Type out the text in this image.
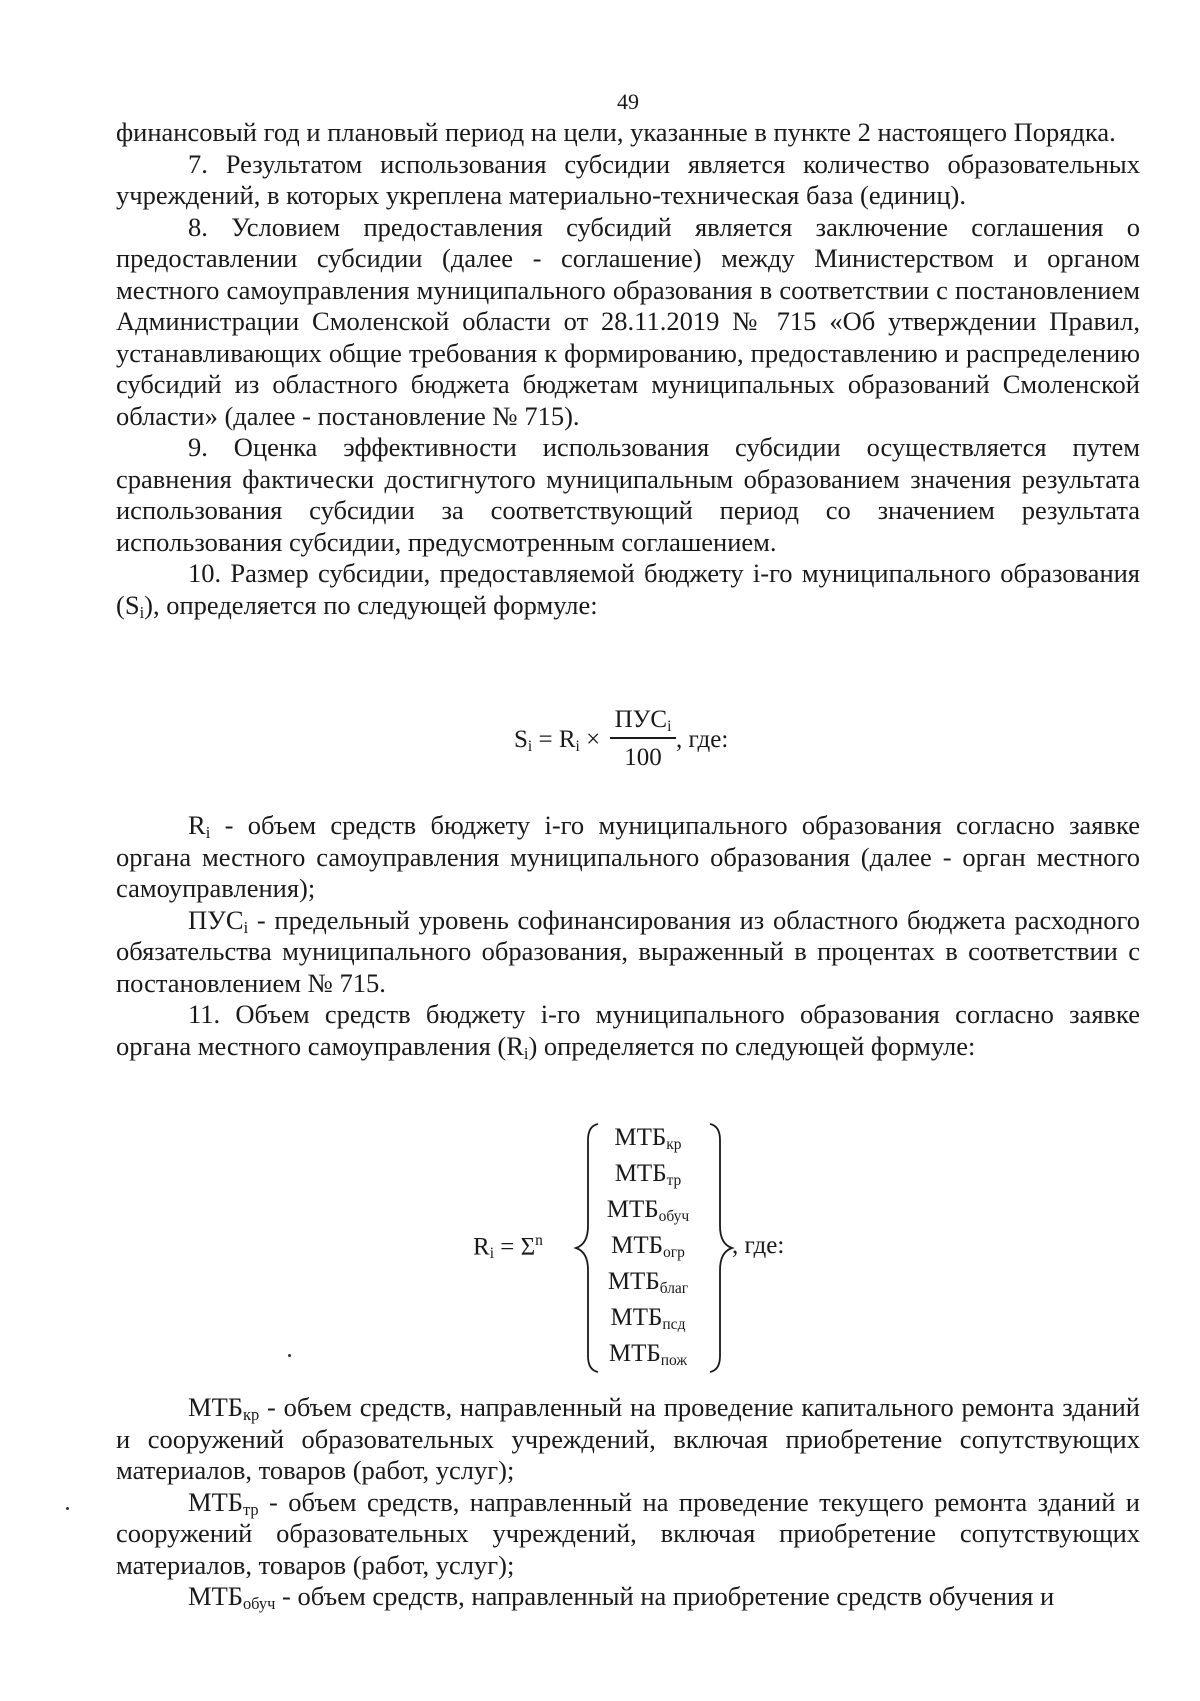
49

финансовый год и плановый период на цели, указанные в пункте 2 настоящего Порядка.

7. Результатом использования субсидии является количество образовательных учреждений, в которых укреплена материально-техническая база (единиц).

8. Условием предоставления субсидий является заключение соглашения о предоставлении субсидии (далее - соглашение) между Министерством и органом местного самоуправления муниципального образования в соответствии с постановлением Администрации Смоленской области от 28.11.2019 № 715 «Об утверждении Правил, устанавливающих общие требования к формированию, предоставлению и распределению субсидий из областного бюджета бюджетам муниципальных образований Смоленской области» (далее - постановление № 715).

9. Оценка эффективности использования субсидии осуществляется путем сравнения фактически достигнутого муниципальным образованием значения результата использования субсидии за соответствующий период со значением результата использования субсидии, предусмотренным соглашением.

10. Размер субсидии, предоставляемой бюджету i-го муниципального образования $(S_i)$, определяется по следующей формуле:

$S_i = R_i$ ×
$ПУС_i$
100
, где:

$R_i$ - объем средств бюджету i-го муниципального образования согласно заявке органа местного самоуправления муниципального образования (далее - орган местного самоуправления);

$ПУС_i$ - предельный уровень софинансирования из областного бюджета расходного обязательства муниципального образования, выраженный в процентах в соответствии с постановлением № 715.

11. Объем средств бюджету i-го муниципального образования согласно заявке органа местного самоуправления $(R_i)$ определяется по следующей формуле:

$R_i = \Sigma^n$
$МТБ_{кр}$
$МТБ_{тр}$
$МТБ_{обуч}$
$МТБ_{огр}$
$МТБ_{благ}$
$МТБ_{псд}$
$МТБ_{пож}$
, где:

$МТБ_{кр}$ - объем средств, направленный на проведение капитального ремонта зданий и сооружений образовательных учреждений, включая приобретение сопутствующих материалов, товаров (работ, услуг);

$МТБ_{тр}$ - объем средств, направленный на проведение текущего ремонта зданий и сооружений образовательных учреждений, включая приобретение сопутствующих материалов, товаров (работ, услуг);

$МТБ_{обуч}$ - объем средств, направленный на приобретение средств обучения и
